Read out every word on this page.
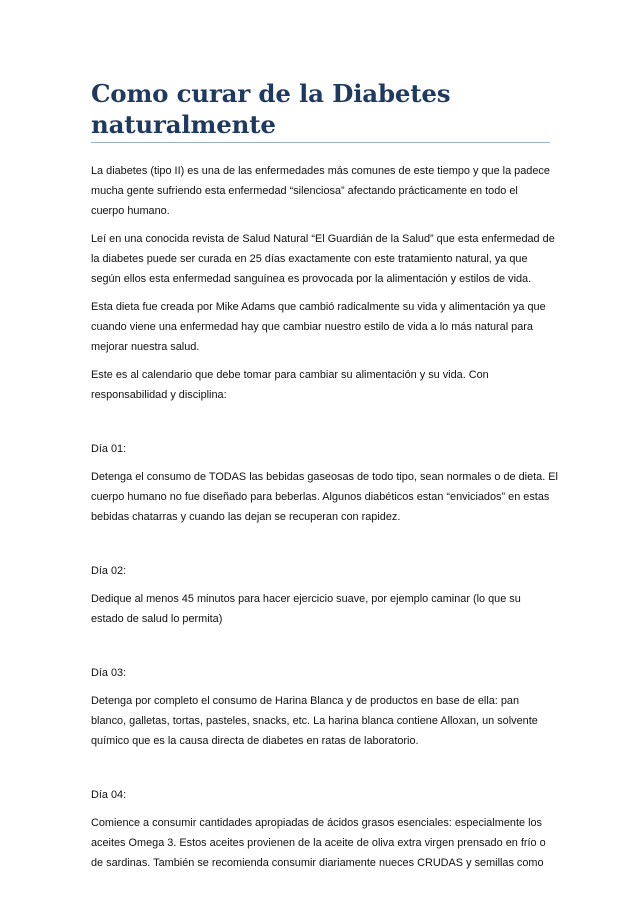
Como curar de la Diabetes
naturalmente

La diabetes (tipo II) es una de las enfermedades más comunes de este tiempo y que la padece
mucha gente sufriendo esta enfermedad “silenciosa” afectando prácticamente en todo el
cuerpo humano.

Leí en una conocida revista de Salud Natural “El Guardián de la Salud” que esta enfermedad de
la diabetes puede ser curada en 25 días exactamente con este tratamiento natural, ya que
según ellos esta enfermedad sanguínea es provocada por la alimentación y estilos de vida.

Esta dieta fue creada por Mike Adams que cambió radicalmente su vida y alimentación ya que
cuando viene una enfermedad hay que cambiar nuestro estilo de vida a lo más natural para
mejorar nuestra salud.

Este es al calendario que debe tomar para cambiar su alimentación y su vida. Con
responsabilidad y disciplina:

Día 01:

Detenga el consumo de TODAS las bebidas gaseosas de todo tipo, sean normales o de dieta. El
cuerpo humano no fue diseñado para beberlas. Algunos diabéticos estan “enviciados” en estas
bebidas chatarras y cuando las dejan se recuperan con rapidez.

Día 02:

Dedique al menos 45 minutos para hacer ejercicio suave, por ejemplo caminar (lo que su
estado de salud lo permita)

Día 03:

Detenga por completo el consumo de Harina Blanca y de productos en base de ella: pan
blanco, galletas, tortas, pasteles, snacks, etc. La harina blanca contiene Alloxan, un solvente
químico que es la causa directa de diabetes en ratas de laboratorio.

Día 04:

Comience a consumir cantidades apropiadas de ácidos grasos esenciales: especialmente los
aceites Omega 3. Estos aceites provienen de la aceite de oliva extra virgen prensado en frío o
de sardinas. También se recomienda consumir diariamente nueces CRUDAS y semillas como
